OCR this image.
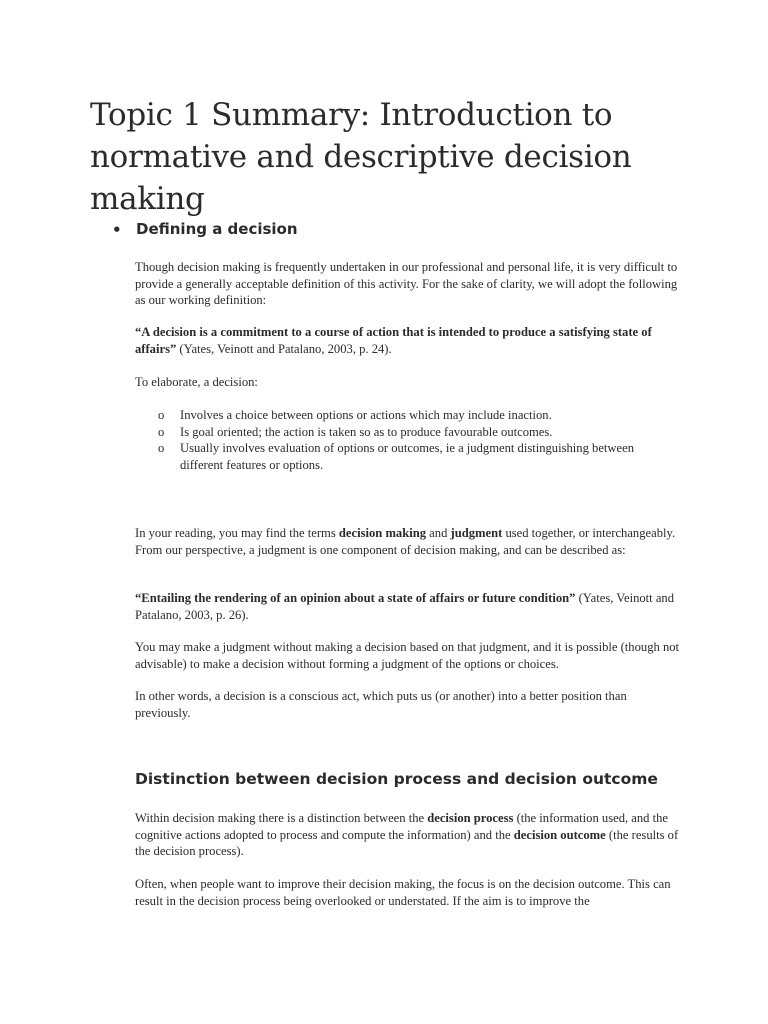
Topic 1 Summary: Introduction to normative and descriptive decision making
• Defining a decision

Though decision making is frequently undertaken in our professional and personal life, it is very difficult to provide a generally acceptable definition of this activity. For the sake of clarity, we will adopt the following as our working definition:

“A decision is a commitment to a course of action that is intended to produce a satisfying state of affairs” (Yates, Veinott and Patalano, 2003, p. 24).

To elaborate, a decision:

o Involves a choice between options or actions which may include inaction.
o Is goal oriented; the action is taken so as to produce favourable outcomes.
o Usually involves evaluation of options or outcomes, ie a judgment distinguishing between different features or options.

In your reading, you may find the terms decision making and judgment used together, or interchangeably. From our perspective, a judgment is one component of decision making, and can be described as:

“Entailing the rendering of an opinion about a state of affairs or future condition” (Yates, Veinott and Patalano, 2003, p. 26).

You may make a judgment without making a decision based on that judgment, and it is possible (though not advisable) to make a decision without forming a judgment of the options or choices.

In other words, a decision is a conscious act, which puts us (or another) into a better position than previously.

Distinction between decision process and decision outcome

Within decision making there is a distinction between the decision process (the information used, and the cognitive actions adopted to process and compute the information) and the decision outcome (the results of the decision process).

Often, when people want to improve their decision making, the focus is on the decision outcome. This can result in the decision process being overlooked or understated. If the aim is to improve the
